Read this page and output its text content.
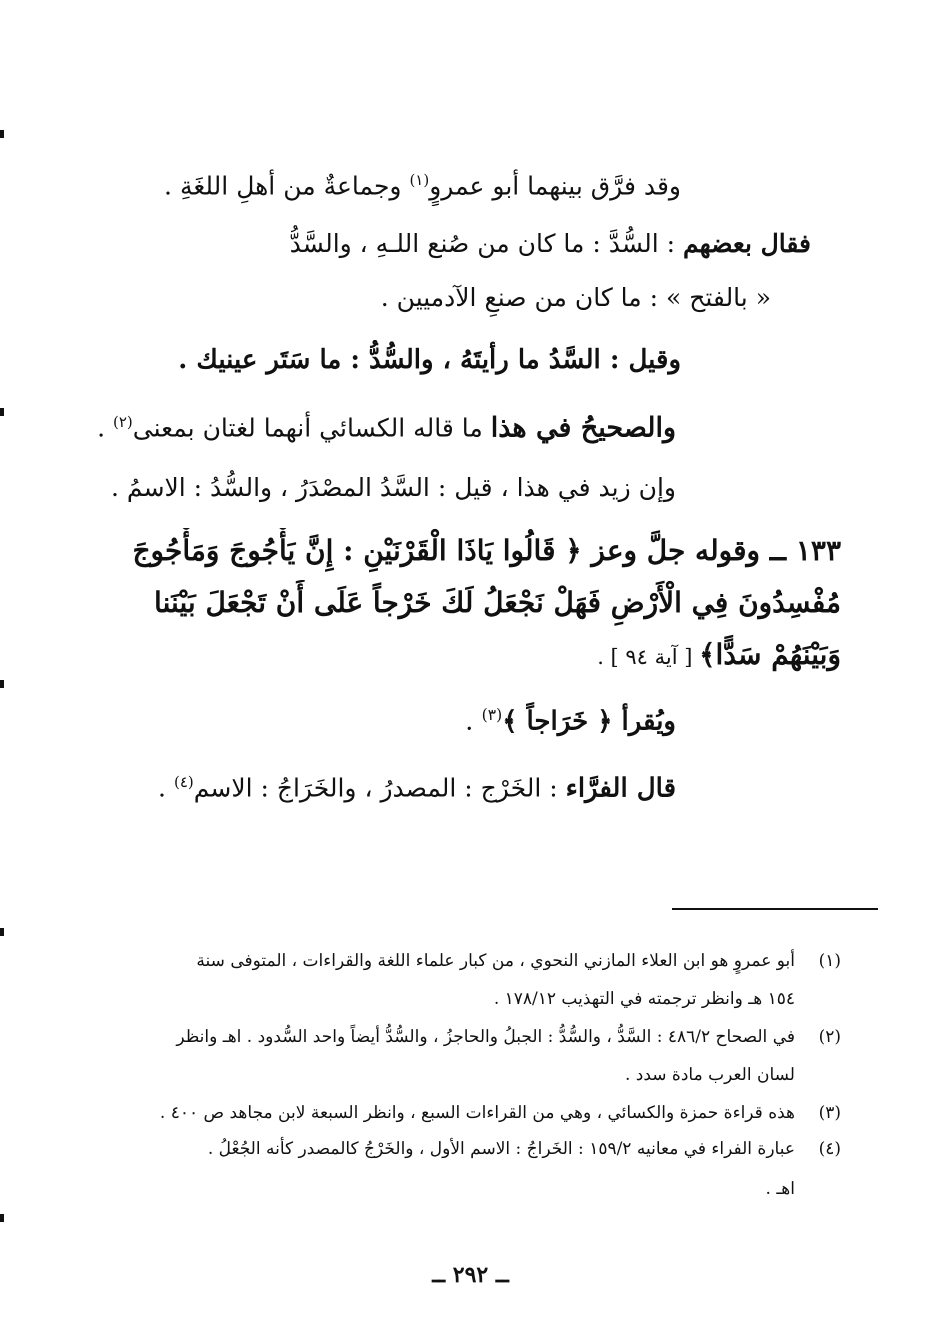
وقد فرَّق بينهما أبو عمروٍ$^{(١)}$ وجماعةٌ من أهلِ اللغَةِ .
فقال بعضهم : السُّدَّ : ما كان من صُنع اللـهِ ، والسَّدُّ
« بالفتح » : ما كان من صنعِ الآدميين .
وقيل : السَّدُ ما رأيتَهُ ، والسُّدُّ : ما سَتَر عينيك .
والصحيحُ في هذا ما قاله الكسائي أنهما لغتان بمعنى$^{(٢)}$ .
وإن زيد في هذا ، قيل : السَّدُ المصْدَرُ ، والسُّدُ : الاسمُ .
١٣٣ ــ وقوله جلَّ وعز ﴿ قَالُوا يَاذَا الْقَرْنَيْنِ : إِنَّ يَأْجُوجَ وَمَأْجُوجَ
مُفْسِدُونَ فِي الْأَرْضِ فَهَلْ نَجْعَلُ لَكَ خَرْجاً عَلَى أَنْ تَجْعَلَ بَيْنَنا
وَبَيْنَهُمْ سَدًّا﴾ [ آية ٩٤ ] .
ويُقرأ ﴿ خَرَاجاً ﴾$^{(٣)}$ .
قال الفرَّاء : الخَرْج : المصدرُ ، والخَرَاجُ : الاسم$^{(٤)}$ .
(١)
أبو عمروٍ هو ابن العلاء المازني النحوي ، من كبار علماء اللغة والقراءات ، المتوفى سنة
١٥٤ هـ وانظر ترجمته في التهذيب ١٧٨/١٢ .
(٢)
في الصحاح ٤٨٦/٢ : السَّدُّ ، والسُّدُّ : الجبلُ والحاجزُ ، والسُّدُّ أيضاً واحد السُّدود . اهـ وانظر
لسان العرب مادة سدد .
(٣)
هذه قراءة حمزة والكسائي ، وهي من القراءات السبع ، وانظر السبعة لابن مجاهد ص ٤٠٠ .
(٤)
عبارة الفراء في معانيه ١٥٩/٢ : الخَراجُ : الاسم الأول ، والخَرْجُ كالمصدر كأنه الجُعْلُ .
اهـ .
ــ ٢٩٢ ــ
